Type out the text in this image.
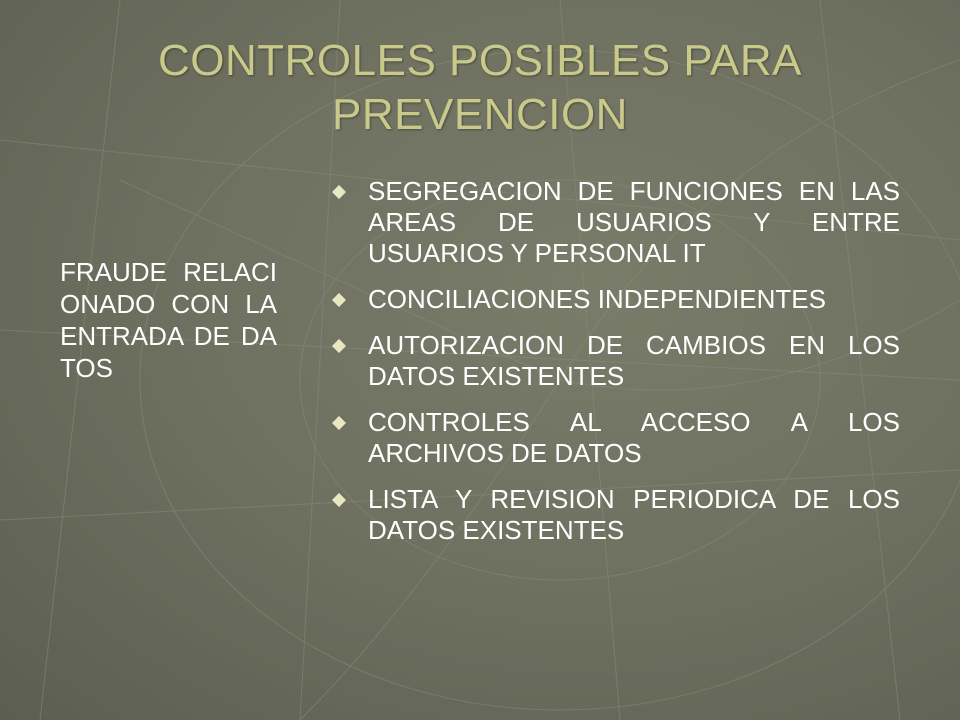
CONTROLES POSIBLES PARA PREVENCION
FRAUDE RELACIONADO CON LA ENTRADA DE DATOS
SEGREGACION DE FUNCIONES EN LAS AREAS DE USUARIOS Y ENTRE USUARIOS Y PERSONAL IT
CONCILIACIONES INDEPENDIENTES
AUTORIZACION DE CAMBIOS EN LOS DATOS EXISTENTES
CONTROLES AL ACCESO A LOS ARCHIVOS DE DATOS
LISTA Y REVISION PERIODICA DE LOS DATOS EXISTENTES
